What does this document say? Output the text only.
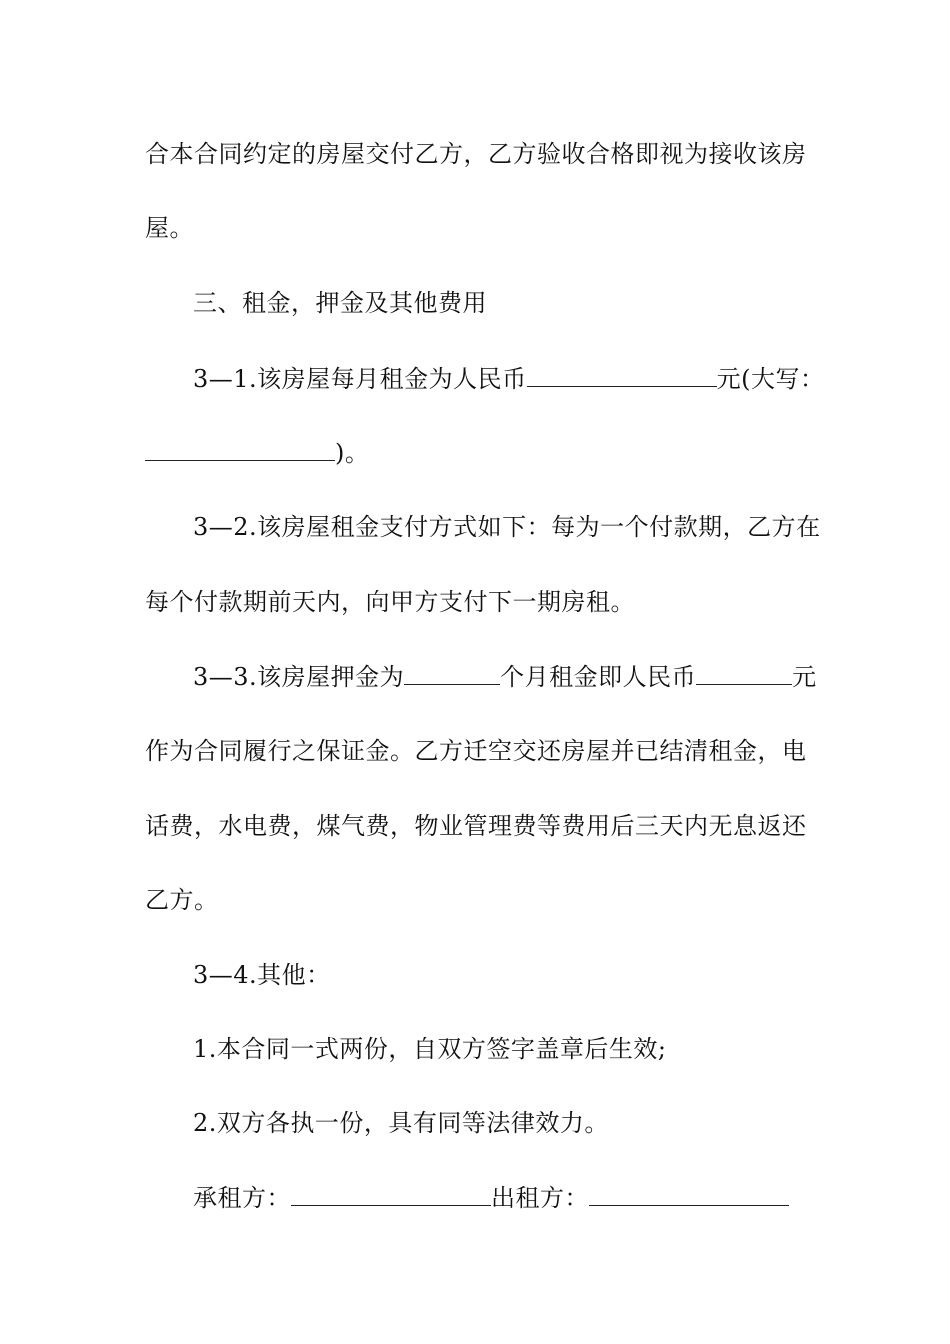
合本合同约定的房屋交付乙方，乙方验收合格即视为接收该房
屋。
三、租金，押金及其他费用
3—1.该房屋每月租金为人民币	元(大写：
)。
3—2.该房屋租金支付方式如下：每为一个付款期，乙方在
每个付款期前天内，向甲方支付下一期房租。
3—3.该房屋押金为	个月租金即人民币	元
作为合同履行之保证金。乙方迁空交还房屋并已结清租金，电
话费，水电费，煤气费，物业管理费等费用后三天内无息返还
乙方。
3—4.其他：
1.本合同一式两份，自双方签字盖章后生效;
2.双方各执一份，具有同等法律效力。
承租方：	出租方：
